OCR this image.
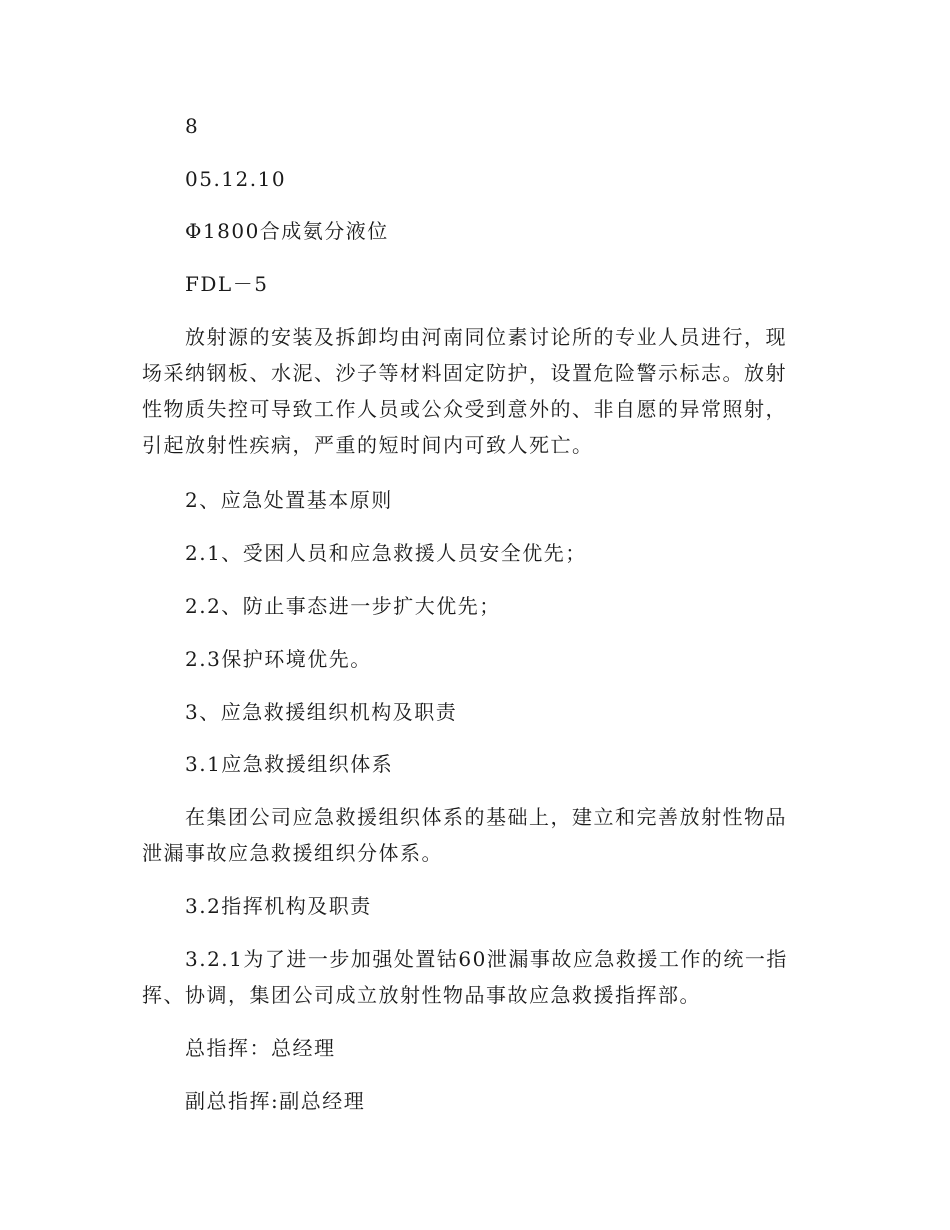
8

05.12.10

Φ1800合成氨分液位

FDL－5

放射源的安装及拆卸均由河南同位素讨论所的专业人员进行，现场采纳钢板、水泥、沙子等材料固定防护，设置危险警示标志。放射性物质失控可导致工作人员或公众受到意外的、非自愿的异常照射，引起放射性疾病，严重的短时间内可致人死亡。

2、应急处置基本原则

2.1、受困人员和应急救援人员安全优先；

2.2、防止事态进一步扩大优先；

2.3保护环境优先。

3、应急救援组织机构及职责

3.1应急救援组织体系

在集团公司应急救援组织体系的基础上，建立和完善放射性物品泄漏事故应急救援组织分体系。

3.2指挥机构及职责

3.2.1为了进一步加强处置钴60泄漏事故应急救援工作的统一指挥、协调，集团公司成立放射性物品事故应急救援指挥部。

总指挥：总经理

副总指挥:副总经理
